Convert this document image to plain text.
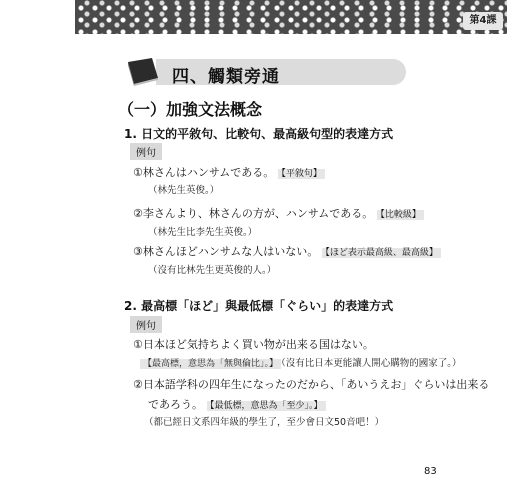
第4課
四、觸類旁通
（一）加強文法概念
1. 日文的平敘句、比較句、最高級句型的表達方式
例句
①林さんはハンサムである。 【平敘句】
（林先生英俊。）
②李さんより、林さんの方が、ハンサムである。 【比較級】
（林先生比李先生英俊。）
③林さんほどハンサムな人はいない。 【ほど表示最高級、最高級】
（沒有比林先生更英俊的人。）
2. 最高標「ほど」與最低標「ぐらい」的表達方式
例句
①日本ほど気持ちよく買い物が出来る国はない。
【最高標，意思為「無與倫比」。】 （沒有比日本更能讓人開心購物的國家了。）
②日本語学科の四年生になったのだから、「あいうえお」ぐらいは出来る
であろう。 【最低標，意思為「至少」。】
（都已經日文系四年級的學生了，至少會日文50音吧！）
83
